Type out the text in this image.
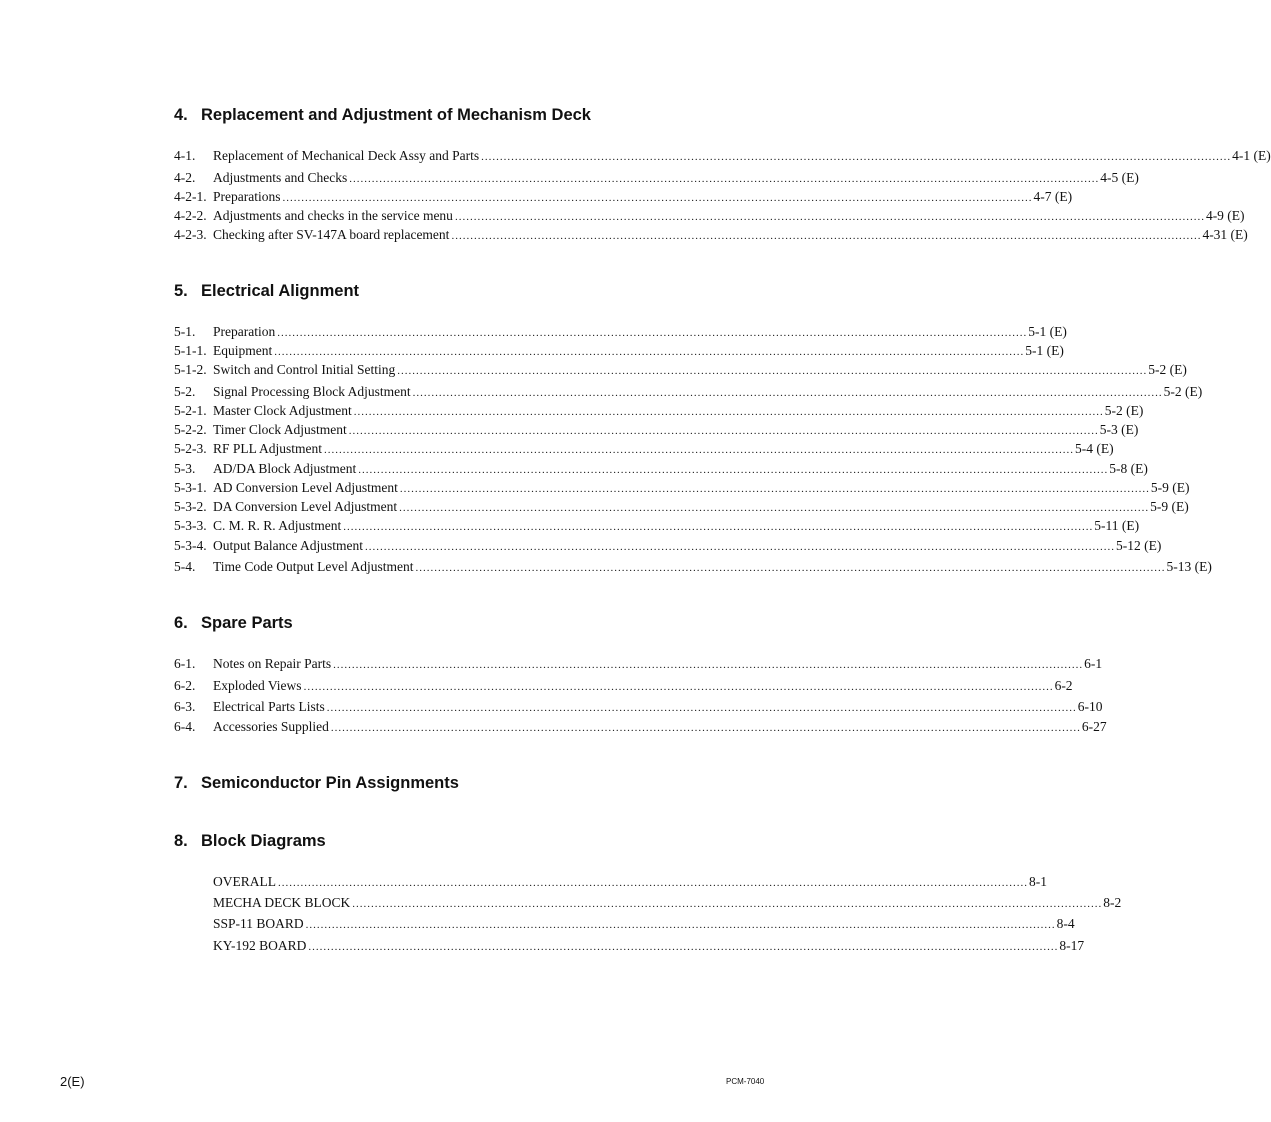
4. Replacement and Adjustment of Mechanism Deck
4-1. Replacement of Mechanical Deck Assy and Parts ........................................................................................................................................................................................................ 4-1 (E)
4-2. Adjustments and Checks ........................................................................................................................................................................................................ 4-5 (E)
4-2-1. Preparations ........................................................................................................................................................................................................ 4-7 (E)
4-2-2. Adjustments and checks in the service menu ........................................................................................................................................................................................................ 4-9 (E)
4-2-3. Checking after SV-147A board replacement ........................................................................................................................................................................................................ 4-31 (E)
5. Electrical Alignment
5-1. Preparation ........................................................................................................................................................................................................ 5-1 (E)
5-1-1. Equipment ........................................................................................................................................................................................................ 5-1 (E)
5-1-2. Switch and Control Initial Setting ........................................................................................................................................................................................................ 5-2 (E)
5-2. Signal Processing Block Adjustment ........................................................................................................................................................................................................ 5-2 (E)
5-2-1. Master Clock Adjustment ........................................................................................................................................................................................................ 5-2 (E)
5-2-2. Timer Clock Adjustment ........................................................................................................................................................................................................ 5-3 (E)
5-2-3. RF PLL Adjustment ........................................................................................................................................................................................................ 5-4 (E)
5-3. AD/DA Block Adjustment ........................................................................................................................................................................................................ 5-8 (E)
5-3-1. AD Conversion Level Adjustment ........................................................................................................................................................................................................ 5-9 (E)
5-3-2. DA Conversion Level Adjustment ........................................................................................................................................................................................................ 5-9 (E)
5-3-3. C. M. R. R. Adjustment ........................................................................................................................................................................................................ 5-11 (E)
5-3-4. Output Balance Adjustment ........................................................................................................................................................................................................ 5-12 (E)
5-4. Time Code Output Level Adjustment ........................................................................................................................................................................................................ 5-13 (E)
6. Spare Parts
6-1. Notes on Repair Parts ........................................................................................................................................................................................................ 6-1
6-2. Exploded Views ........................................................................................................................................................................................................ 6-2
6-3. Electrical Parts Lists ........................................................................................................................................................................................................ 6-10
6-4. Accessories Supplied ........................................................................................................................................................................................................ 6-27
7. Semiconductor Pin Assignments
8. Block Diagrams
OVERALL ........................................................................................................................................................................................................ 8-1
MECHA DECK BLOCK ........................................................................................................................................................................................................ 8-2
SSP-11 BOARD ........................................................................................................................................................................................................ 8-4
KY-192 BOARD ........................................................................................................................................................................................................ 8-17
2(E)	PCM-7040
